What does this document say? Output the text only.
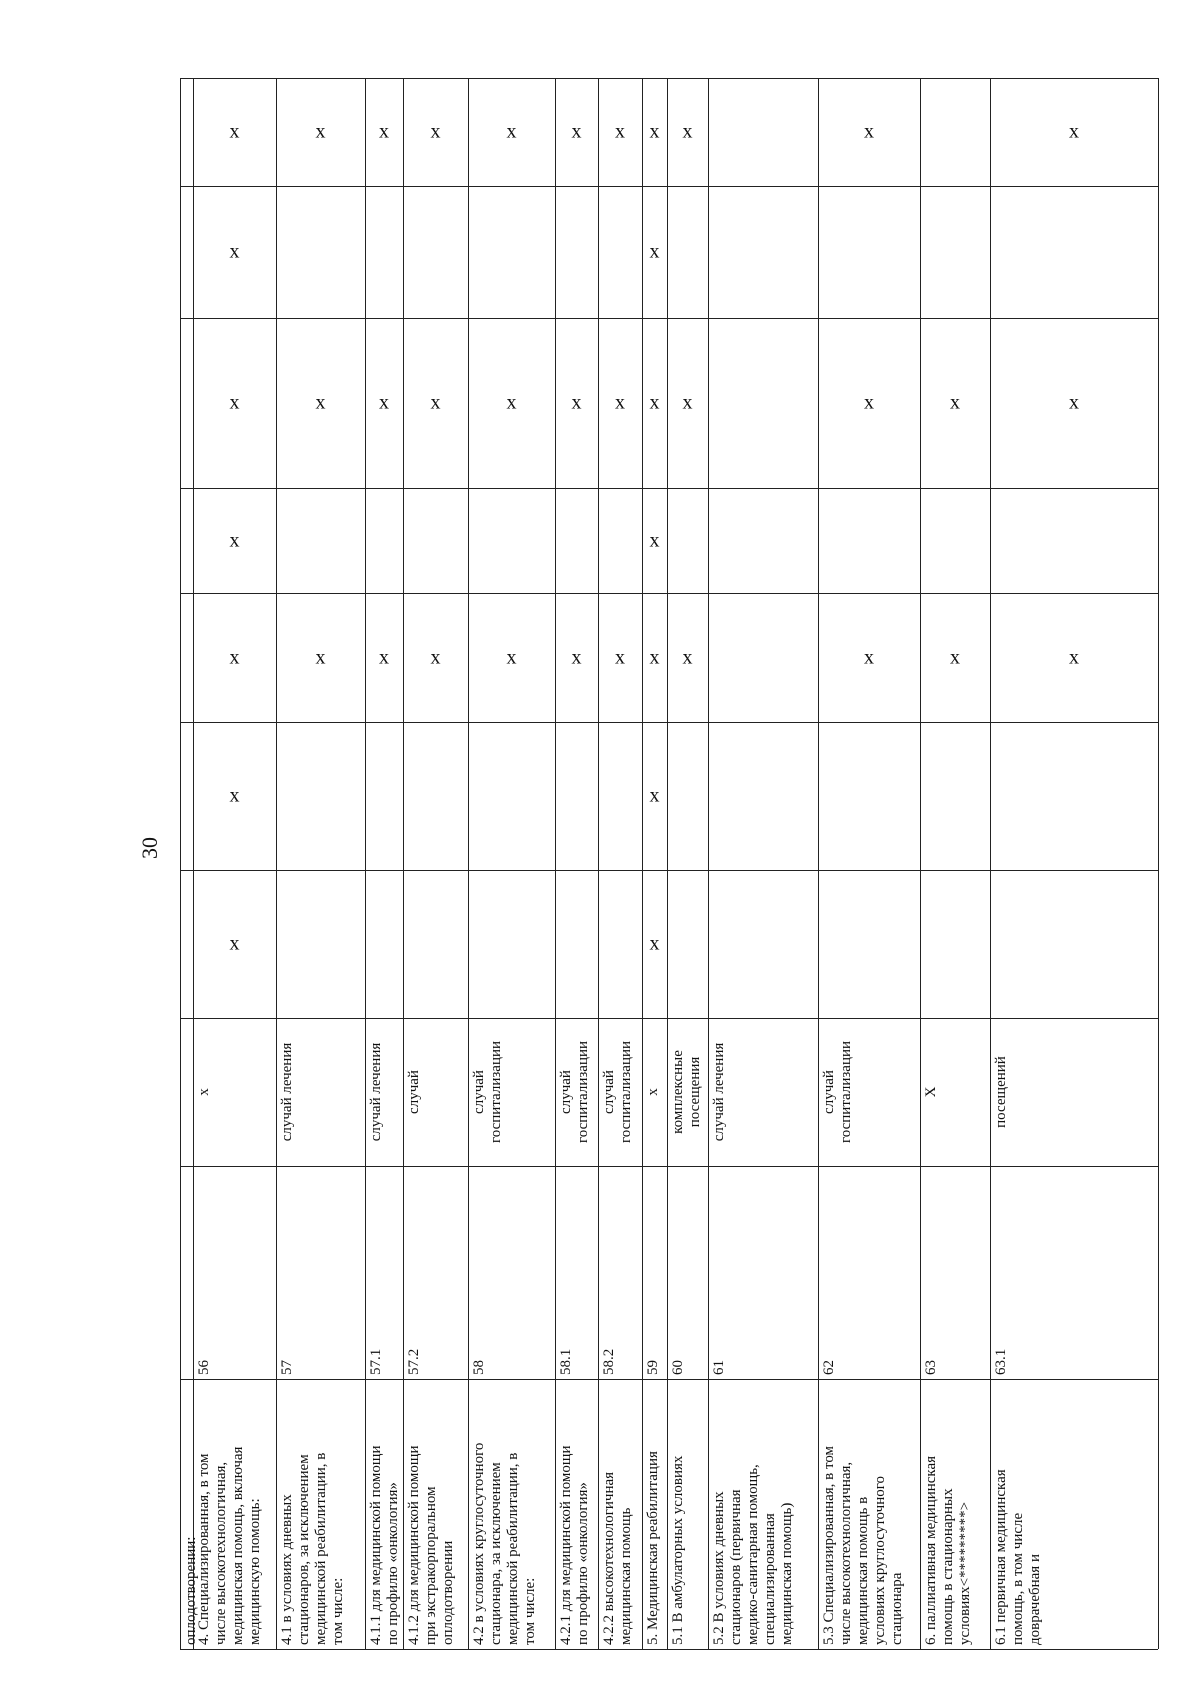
30
оплодотворении:
4. Специализированная, в том
числе высокотехнологичная,
медицинская помощь, включая
медицинскую помощь:
56
x
x
x
x
x
x
x
x
4.1 в условиях дневных
стационаров, за исключением
медицинской реабилитации, в
том числе:
57
случай лечения
x
x
x
4.1.1 для медицинской помощи
по профилю «онкология»
57.1
случай лечения
x
x
x
4.1.2 для медицинской помощи
при экстракорпоральном
оплодотворении
57.2
случай
x
x
x
4.2 в условиях круглосуточного
стационара, за исключением
медицинской реабилитации, в
том числе:
58
случай
госпитализации
x
x
x
4.2.1 для медицинской помощи
по профилю «онкология»
58.1
случай
госпитализации
x
x
x
4.2.2 высокотехнологичная
медицинская помощь
58.2
случай
госпитализации
x
x
x
5. Медицинская реабилитация
59
x
x
x
x
x
x
x
x
5.1 В амбулаторных условиях
60
комплексные
посещения
x
x
x
5.2 В условиях дневных
стационаров (первичная
медико-санитарная помощь,
специализированная
медицинская помощь)
61
случай лечения
5.3 Специализированная, в том
числе высокотехнологичная,
медицинская помощь в
условиях круглосуточного
стационара
62
случай
госпитализации
x
x
x
6. паллиативная медицинская
помощь в стационарных
условиях<*********>
63
X
x
x
6.1 первичная медицинская
помощь, в том числе
доврачебная и
63.1
посещений
x
x
x
